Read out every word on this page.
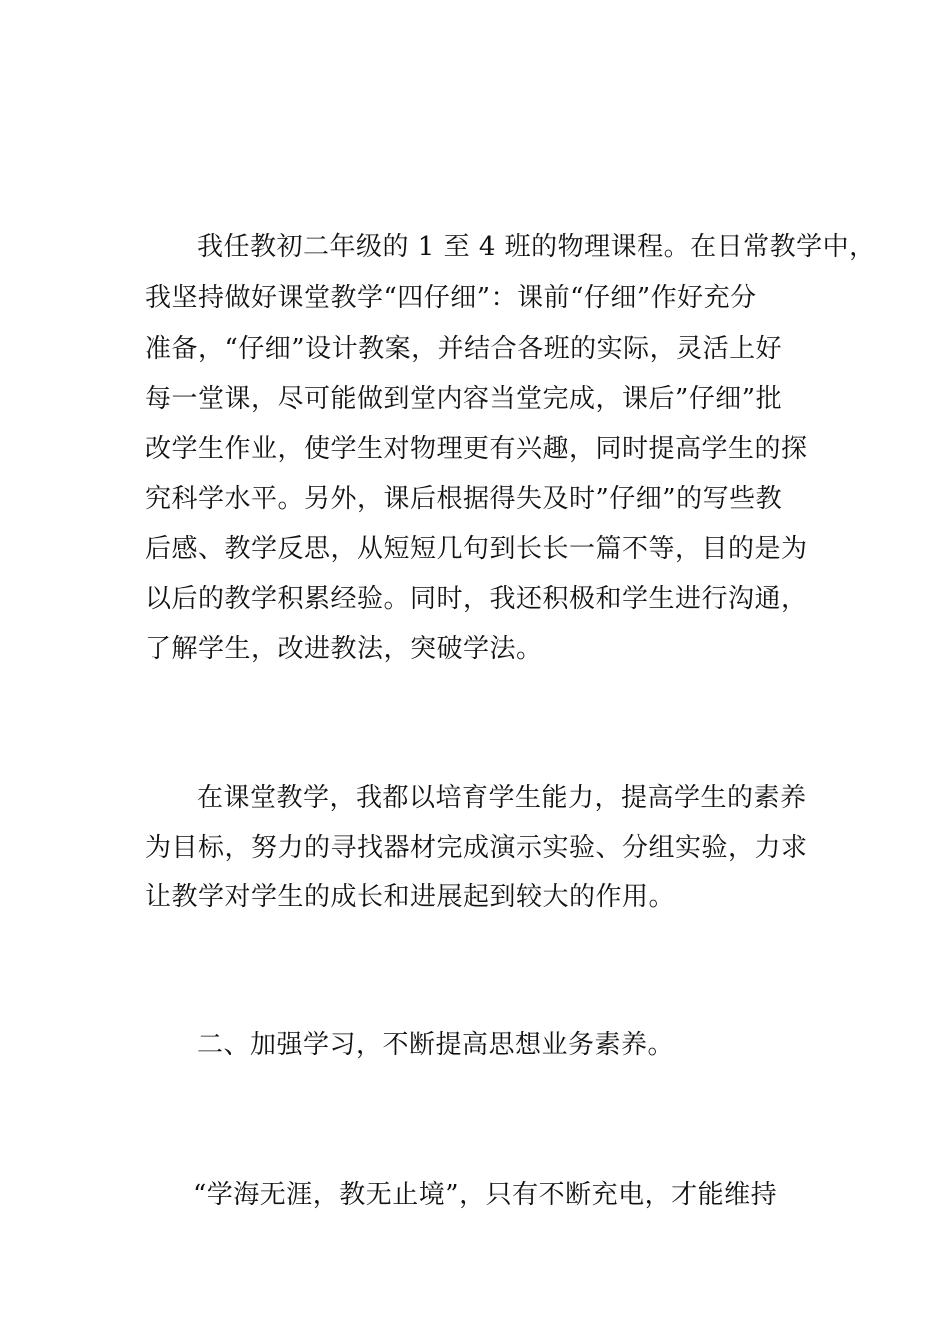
我任教初二年级的 1 至 4 班的物理课程。在日常教学中，
我坚持做好课堂教学“四仔细”：课前“仔细”作好充分
准备，“仔细”设计教案，并结合各班的实际，灵活上好
每一堂课，尽可能做到堂内容当堂完成，课后”仔细”批
改学生作业，使学生对物理更有兴趣，同时提高学生的探
究科学水平。另外，课后根据得失及时”仔细”的写些教
后感、教学反思，从短短几句到长长一篇不等，目的是为
以后的教学积累经验。同时，我还积极和学生进行沟通，
了解学生，改进教法，突破学法。
在课堂教学，我都以培育学生能力，提高学生的素养
为目标，努力的寻找器材完成演示实验、分组实验，力求
让教学对学生的成长和进展起到较大的作用。
二、加强学习，不断提高思想业务素养。
“学海无涯，教无止境”，只有不断充电，才能维持
